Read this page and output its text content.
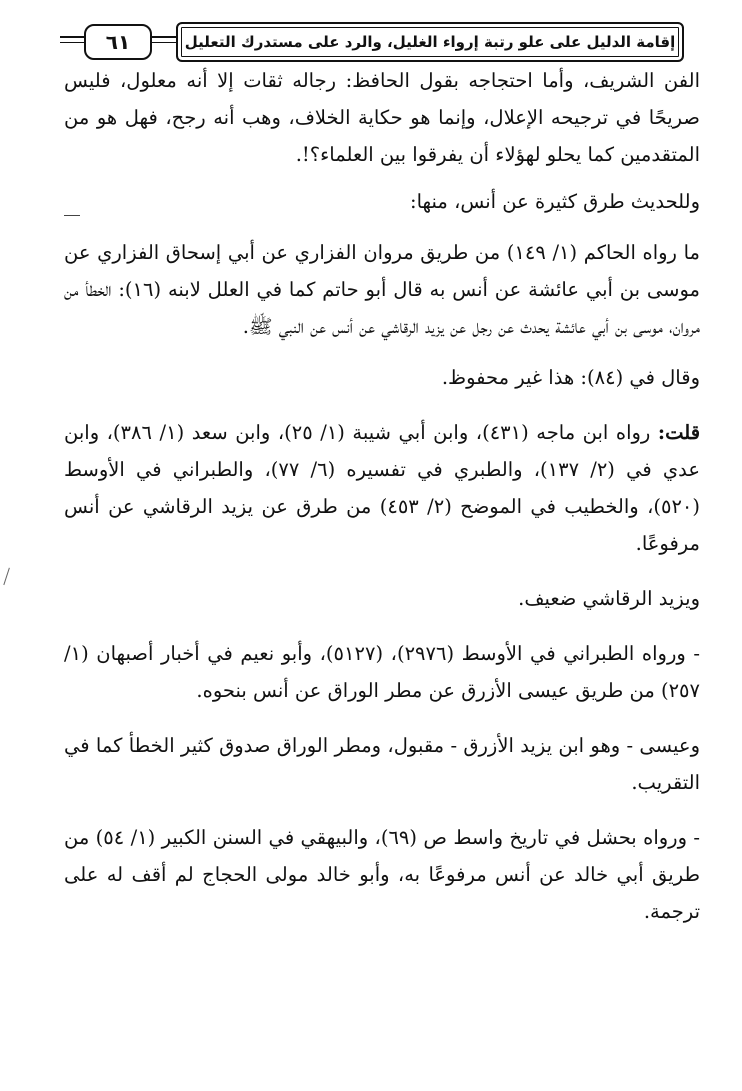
٦١	إقامة الدليل على علو رتبة إرواء الغليل، والرد على مستدرك التعليل

الفن الشريف، وأما احتجاجه بقول الحافظ: رجاله ثقات إلا أنه معلول، فليس صريحًا في ترجيحه الإعلال، وإنما هو حكاية الخلاف، وهب أنه رجح، فهل هو من المتقدمين كما يحلو لهؤلاء أن يفرقوا بين العلماء؟!.

وللحديث طرق كثيرة عن أنس، منها:

ما رواه الحاكم (١/ ١٤٩) من طريق مروان الفزاري عن أبي إسحاق الفزاري عن موسى بن أبي عائشة عن أنس به قال أبو حاتم كما في العلل لابنه (١٦): الخطأ من مروان، موسى بن أبي عائشة يحدث عن رجل عن يزيد الرقاشي عن أنس عن النبي ﷺ.

وقال في (٨٤): هذا غير محفوظ.

قلت: رواه ابن ماجه (٤٣١)، وابن أبي شيبة (١/ ٢٥)، وابن سعد (١/ ٣٨٦)، وابن عدي في (٢/ ١٣٧)، والطبري في تفسيره (٦/ ٧٧)، والطبراني في الأوسط (٥٢٠)، والخطيب في الموضح (٢/ ٤٥٣) من طرق عن يزيد الرقاشي عن أنس مرفوعًا.

ويزيد الرقاشي ضعيف.

- ورواه الطبراني في الأوسط (٢٩٧٦)، (٥١٢٧)، وأبو نعيم في أخبار أصبهان (١/ ٢٥٧) من طريق عيسى الأزرق عن مطر الوراق عن أنس بنحوه.

وعيسى - وهو ابن يزيد الأزرق - مقبول، ومطر الوراق صدوق كثير الخطأ كما في التقريب.

- ورواه بحشل في تاريخ واسط ص (٦٩)، والبيهقي في السنن الكبير (١/ ٥٤) من طريق أبي خالد عن أنس مرفوعًا به، وأبو خالد مولى الحجاج لم أقف له على ترجمة.
